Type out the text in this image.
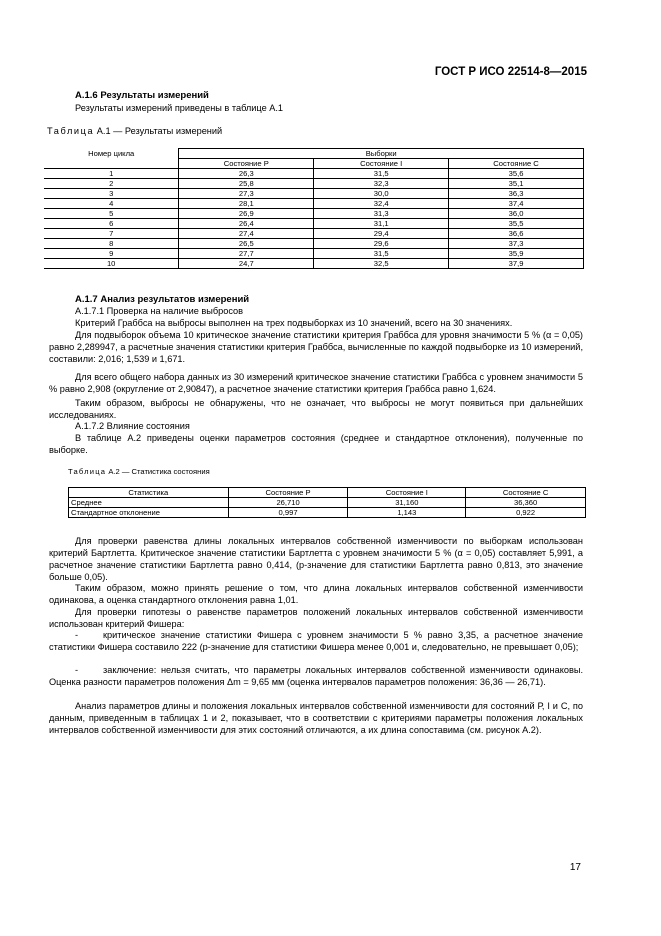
ГОСТ Р ИСО 22514-8—2015
А.1.6 Результаты измерений
Результаты измерений приведены в таблице А.1
Таблица А.1 — Результаты измерений
Номер цикла	Выборки		
	Состояние Р	Состояние I	Состояние С
1	26,3	31,5	35,6
2	25,8	32,3	35,1
3	27,3	30,0	36,3
4	28,1	32,4	37,4
5	26,9	31,3	36,0
6	26,4	31,1	35,5
7	27,4	29,4	36,6
8	26,5	29,6	37,3
9	27,7	31,5	35,9
10	24,7	32,5	37,9
А.1.7 Анализ результатов измерений
А.1.7.1 Проверка на наличие выбросов
Критерий Граббса на выбросы выполнен на трех подвыборках из 10 значений, всего на 30 значениях.
Для подвыборок объема 10 критическое значение статистики критерия Граббса для уровня значимости 5 % (α = 0,05) равно 2,289947, а расчетные значения статистики критерия Граббса, вычисленные по каждой подвыборке из 10 измерений, составили: 2,016; 1,539 и 1,671.
Для всего общего набора данных из 30 измерений критическое значение статистики Граббса с уровнем значимости 5 % равно 2,908 (округление от 2,90847), а расчетное значение статистики критерия Граббса равно 1,624.
Таким образом, выбросы не обнаружены, что не означает, что выбросы не могут появиться при дальнейших исследованиях.
А.1.7.2 Влияние состояния
В таблице А.2 приведены оценки параметров состояния (среднее и стандартное отклонения), полученные по выборке.
Таблица А.2 — Статистика состояния
Статистика	Состояние Р	Состояние I	Состояние С
Среднее	26,710	31,160	36,360
Стандартное отклонение	0,997	1,143	0,922
Для проверки равенства длины локальных интервалов собственной изменчивости по выборкам использован критерий Бартлетта. Критическое значение статистики Бартлетта с уровнем значимости 5 % (α = 0,05) составляет 5,991, а расчетное значение статистики Бартлетта равно 0,414, (р-значение для статистики Бартлетта равно 0,813, это значение больше 0,05).
Таким образом, можно принять решение о том, что длина локальных интервалов собственной изменчивости одинакова, а оценка стандартного отклонения равна 1,01.
Для проверки гипотезы о равенстве параметров положений локальных интервалов собственной изменчивости использован критерий Фишера:
-	критическое значение статистики Фишера с уровнем значимости 5 % равно 3,35, а расчетное значение статистики Фишера составило 222 (р-значение для статистики Фишера менее 0,001 и, следовательно, не превышает 0,05);
-	заключение: нельзя считать, что параметры локальных интервалов собственной изменчивости одинаковы. Оценка разности параметров положения Δm = 9,65 мм (оценка интервалов параметров положения: 36,36 — 26,71).
Анализ параметров длины и положения локальных интервалов собственной изменчивости для состояний Р, I и С, по данным, приведенным в таблицах 1 и 2, показывает, что в соответствии с критериями параметры положения локальных интервалов собственной изменчивости для этих состояний отличаются, а их длина сопоставима (см. рисунок А.2).
17
